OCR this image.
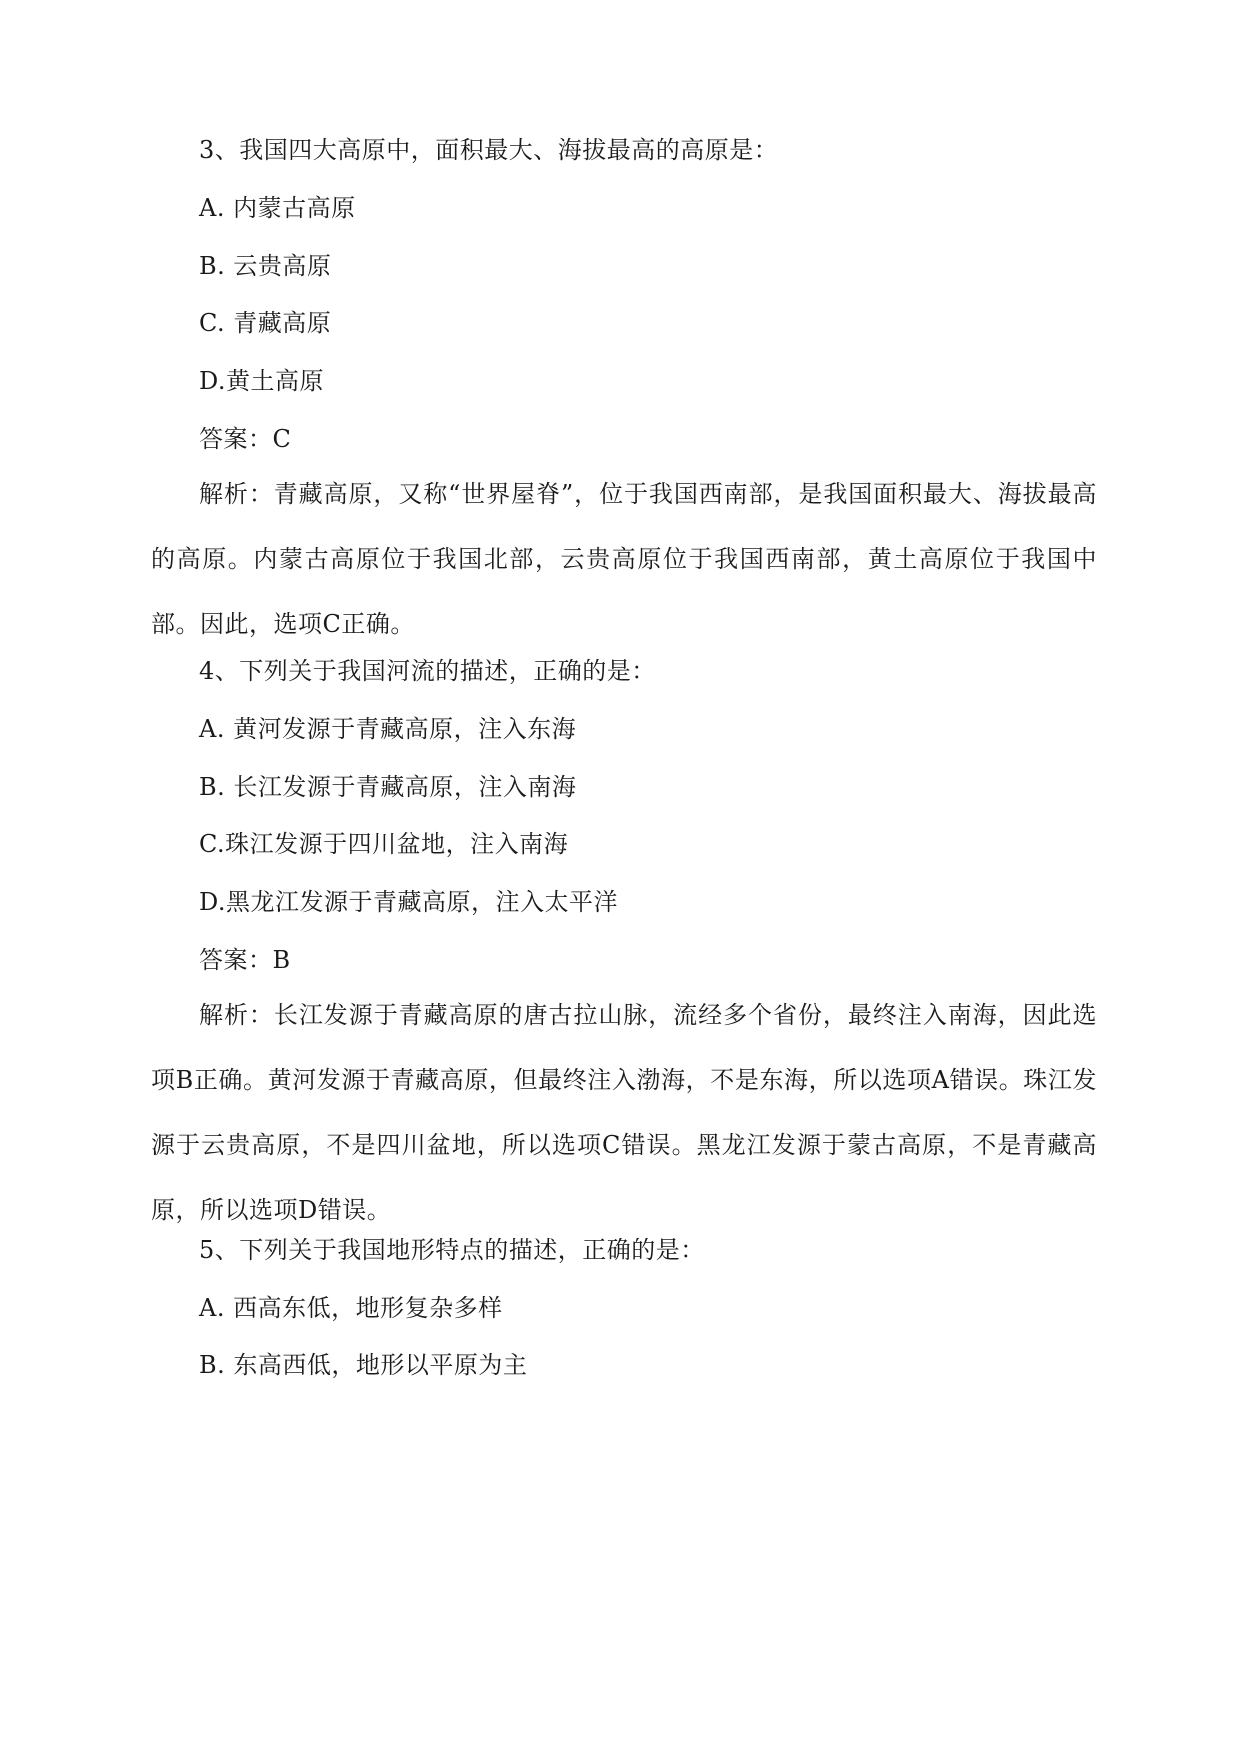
3、我国四大高原中，面积最大、海拔最高的高原是：
A. 内蒙古高原
B. 云贵高原
C. 青藏高原
D.黄土高原
答案：C

解析：青藏高原，又称“世界屋脊”，位于我国西南部，是我国面积最大、海拔最高的高原。内蒙古高原位于我国北部，云贵高原位于我国西南部，黄土高原位于我国中部。因此，选项C正确。

4、下列关于我国河流的描述，正确的是：
A. 黄河发源于青藏高原，注入东海
B. 长江发源于青藏高原，注入南海
C.珠江发源于四川盆地，注入南海
D.黑龙江发源于青藏高原，注入太平洋
答案：B

解析：长江发源于青藏高原的唐古拉山脉，流经多个省份，最终注入南海，因此选项B正确。黄河发源于青藏高原，但最终注入渤海，不是东海，所以选项A错误。珠江发源于云贵高原，不是四川盆地，所以选项C错误。黑龙江发源于蒙古高原，不是青藏高原，所以选项D错误。

5、下列关于我国地形特点的描述，正确的是：
A. 西高东低，地形复杂多样
B. 东高西低，地形以平原为主
